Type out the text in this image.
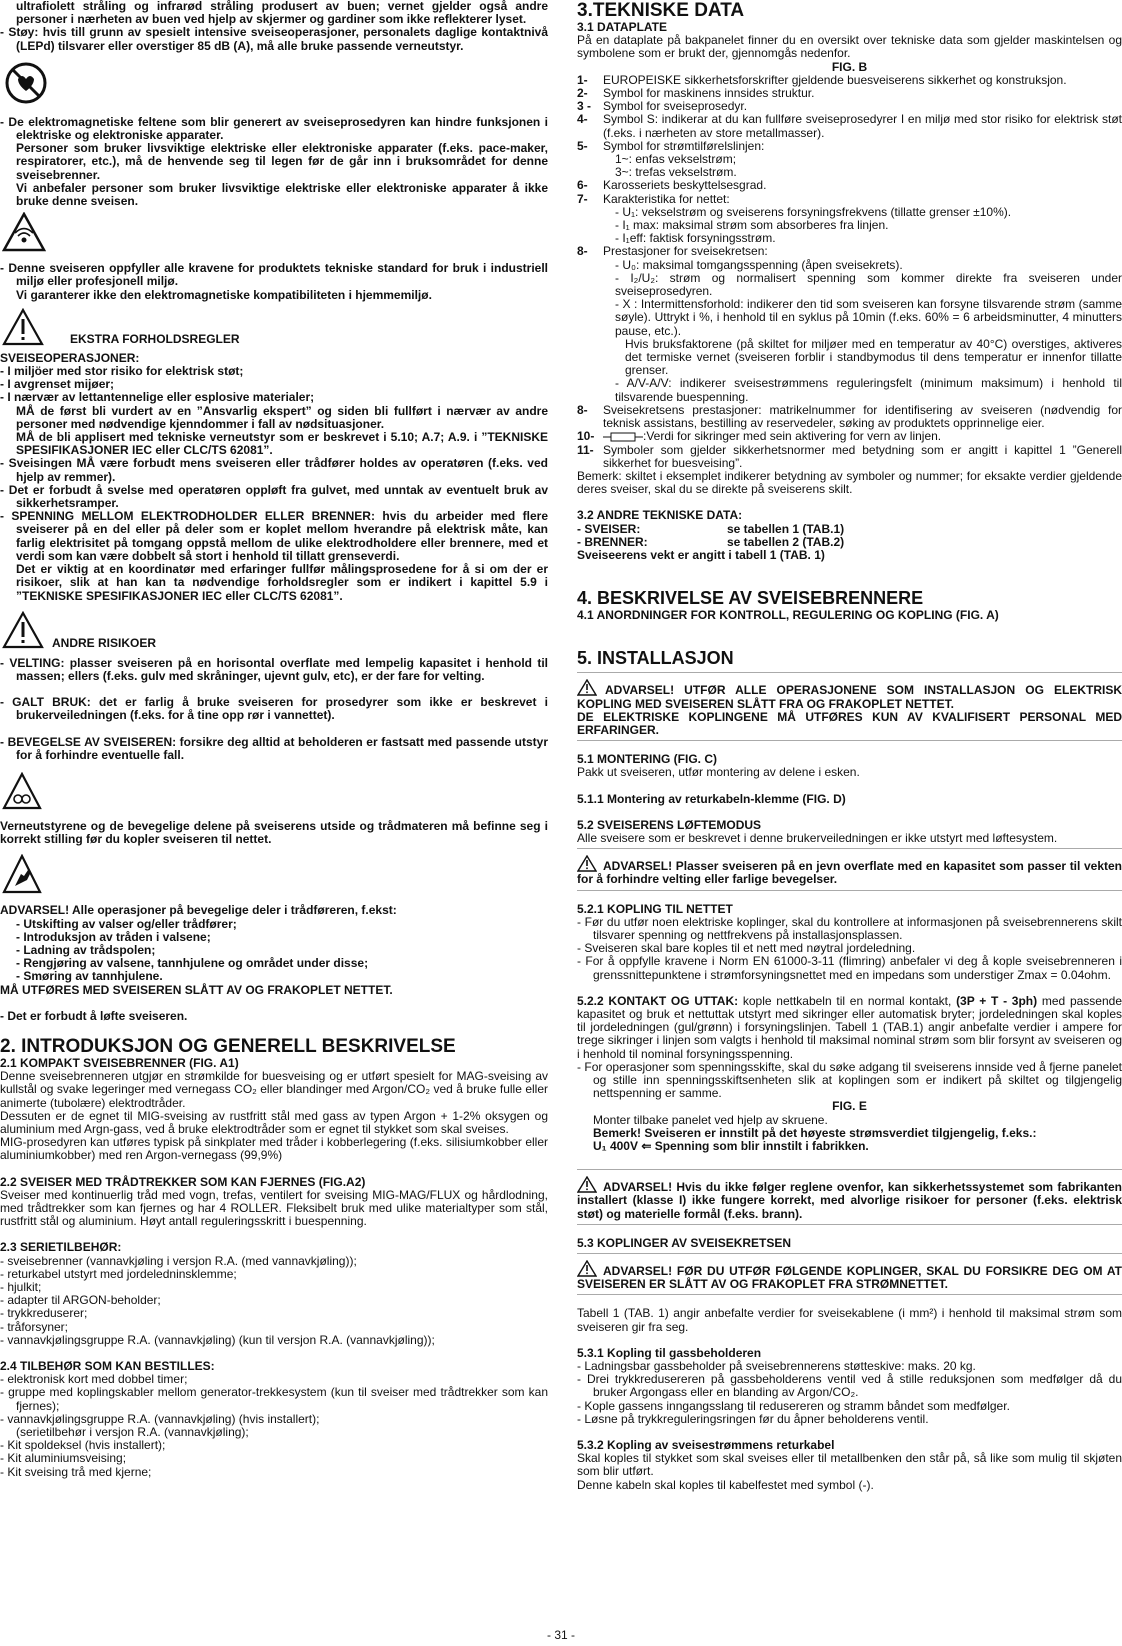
ultrafiolett stråling og infrarød stråling produsert av buen; vernet gjelder også andre personer i nærheten av buen ved hjelp av skjermer og gardiner som ikke reflekterer lyset.

- Støy: hvis till grunn av spesielt intensive sveiseoperasjoner, personalets daglige kontaktnivå (LEPd) tilsvarer eller overstiger 85 dB (A), må alle bruke passende verneutstyr.

- De elektromagnetiske feltene som blir generert av sveiseprosedyren kan hindre funksjonen i elektriske og elektroniske apparater.

Personer som bruker livsviktige elektriske eller elektroniske apparater (f.eks. pace-maker, respiratorer, etc.), må de henvende seg til legen før de går inn i bruksområdet for denne sveisebrenner.

Vi anbefaler personer som bruker livsviktige elektriske eller elektroniske apparater å ikke bruke denne sveisen.

- Denne sveiseren oppfyller alle kravene for produktets tekniske standard for bruk i industriell miljø eller profesjonell miljø.

Vi garanterer ikke den elektromagnetiske kompatibiliteten i hjemmemiljø.

EKSTRA FORHOLDSREGLER

SVEISEOPERASJONER:

- I miljöer med stor risiko for elektrisk støt;

- I avgrenset mijøer;

- I nærvær av lettantennelige eller esplosive materialer;

MÅ de først bli vurdert av en ”Ansvarlig ekspert” og siden bli fullført i nærvær av andre personer med nødvendige kjenndommer i fall av nødsituasjoner.

MÅ de bli applisert med tekniske verneutstyr som er beskrevet i 5.10; A.7; A.9. i ”TEKNISKE SPESIFIKASJONER IEC eller CLC/TS 62081”.

- Sveisingen MÅ være forbudt mens sveiseren eller trådfører holdes av operatøren (f.eks. ved hjelp av remmer).

- Det er forbudt å svelse med operatøren oppløft fra gulvet, med unntak av eventuelt bruk av sikkerhetsramper.

- SPENNING MELLOM ELEKTRODHOLDER ELLER BRENNER: hvis du arbeider med flere sveiserer på en del eller på deler som er koplet mellom hverandre på elektrisk måte, kan farlig elektrisitet på tomgang oppstå mellom de ulike elektrodholdere eller brennere, med et verdi som kan være dobbelt så stort i henhold til tillatt grenseverdi.

Det er viktig at en koordinatør med erfaringer fullfør målingsprosedene for å si om der er risikoer, slik at han kan ta nødvendige forholdsregler som er indikert i kapittel 5.9 i ”TEKNISKE SPESIFIKASJONER IEC eller CLC/TS 62081”.

ANDRE RISIKOER

- VELTING: plasser sveiseren på en horisontal overflate med lempelig kapasitet i henhold til massen; ellers (f.eks. gulv med skråninger, ujevnt gulv, etc), er der fare for velting.

- GALT BRUK: det er farlig å bruke sveiseren for prosedyrer som ikke er beskrevet i brukerveiledningen (f.eks. for å tine opp rør i vannettet).

- BEVEGELSE AV SVEISEREN: forsikre deg alltid at beholderen er fastsatt med passende utstyr for å forhindre eventuelle fall.

Verneutstyrene og de bevegelige delene på sveiserens utside og trådmateren må befinne seg i korrekt stilling før du kopler sveiseren til nettet.

ADVARSEL! Alle operasjoner på bevegelige deler i trådføreren, f.ekst:

- Utskifting av valser og/eller trådfører;

- Introduksjon av tråden i valsene;

- Ladning av trådspolen;

- Rengjøring av valsene, tannhjulene og området under disse;

- Smøring av tannhjulene.

MÅ UTFØRES MED SVEISEREN SLÅTT AV OG FRAKOPLET NETTET.

- Det er forbudt å løfte sveiseren.

2. INTRODUKSJON OG GENERELL BESKRIVELSE

2.1 KOMPAKT SVEISEBRENNER (FIG. A1)

Denne sveisebrenneren utgjør en strømkilde for buesveising og er utført spesielt for MAG-sveising av kullstål og svake legeringer med vernegass CO₂ eller blandinger med Argon/CO₂ ved å bruke fulle eller animerte (tubolære) elektrodtråder.

Dessuten er de egnet til MIG-sveising av rustfritt stål med gass av typen Argon + 1-2% oksygen og aluminium med Argn-gass, ved å bruke elektrodtråder som er egnet til stykket som skal sveises.

MIG-prosedyren kan utføres typisk på sinkplater med tråder i kobberlegering (f.eks. silisiumkobber eller aluminiumkobber) med ren Argon-vernegass (99,9%)

2.2 SVEISER MED TRÅDTREKKER SOM KAN FJERNES (FIG.A2)

Sveiser med kontinuerlig tråd med vogn, trefas, ventilert for sveising MIG-MAG/FLUX og hårdlodning, med trådtrekker som kan fjernes og har 4 ROLLER. Fleksibelt bruk med ulike materialtyper som stål, rustfritt stål og aluminium. Høyt antall reguleringsskritt i buespenning.

2.3 SERIETILBEHØR:

- sveisebrenner (vannavkjøling i versjon R.A. (med vannavkjøling));

- returkabel utstyrt med jordeledninsklemme;

- hjulkit;

- adapter til ARGON-beholder;

- trykkreduserer;

- tråforsyner;

- vannavkjølingsgruppe R.A. (vannavkjøling) (kun til versjon R.A. (vannavkjøling));

2.4 TILBEHØR SOM KAN BESTILLES:

- elektronisk kort med dobbel timer;

- gruppe med koplingskabler mellom generator-trekkesystem (kun til sveiser med trådtrekker som kan fjernes);

- vannavkjølingsgruppe R.A. (vannavkjøling) (hvis installert);

(serietilbehør i versjon R.A. (vannavkjøling);

- Kit spoldeksel (hvis installert);

- Kit aluminiumsveising;

- Kit sveising trå med kjerne;

3.TEKNISKE DATA

3.1 DATAPLATE

På en dataplate på bakpanelet finner du en oversikt over tekniske data som gjelder maskintelsen og symbolene som er brukt der, gjennomgås nedenfor.

FIG. B

1- EUROPEISKE sikkerhetsforskrifter gjeldende buesveiserens sikkerhet og konstruksjon.
2- Symbol for maskinens innsides struktur.
3 - Symbol for sveiseprosedyr.
4- Symbol S: indikerar at du kan fullføre sveiseprosedyrer I en miljø med stor risiko for elektrisk støt (f.eks. i nærheten av store metallmasser).
5- Symbol for strømtilførelslinjen:

1~: enfas vekselstrøm;

3~: trefas vekselstrøm.

6- Karosseriets beskyttelsesgrad.
7- Karakteristika for nettet:

- U₁: vekselstrøm og sveiserens forsyningsfrekvens (tillatte grenser ±10%).

- I₁ max: maksimal strøm som absorberes fra linjen.

- I₁eff: faktisk forsyningsstrøm.

8- Prestasjoner for sveisekretsen:

- U₀: maksimal tomgangsspenning (åpen sveisekrets).

- I₂/U₂: strøm og normalisert spenning som kommer direkte fra sveiseren under sveiseprosedyren.

- X : Intermittensforhold: indikerer den tid som sveiseren kan forsyne tilsvarende strøm (samme søyle). Uttrykt i %, i henhold til en syklus på 10min (f.eks. 60% = 6 arbeidsminutter, 4 minutters pause, etc.).

Hvis bruksfaktorene (på skiltet for miljøer med en temperatur av 40°C) overstiges, aktiveres det termiske vernet (sveiseren forblir i standbymodus til dens temperatur er innenfor tillatte grenser.

- A/V-A/V: indikerer sveisestrømmens reguleringsfelt (minimum maksimum) i henhold til tilsvarende buespenning.

8- Sveisekretsens prestasjoner: matrikelnummer for identifisering av sveiseren (nødvendig for teknisk assistans, bestilling av reservedeler, søking av produktets opprinnelige eier.
10-	:Verdi for sikringer med sein aktivering for vern av linjen.
11- Symboler som gjelder sikkerhetsnormer med betydning som er angitt i kapittel 1 ”Generell sikkerhet for buesveising”.

Bemerk: skiltet i eksemplet indikerer betydning av symboler og nummer; for eksakte verdier gjeldende deres sveiser, skal du se direkte på sveiserens skilt.

3.2 ANDRE TEKNISKE DATA:

- SVEISER:	se tabellen 1 (TAB.1)
- BRENNER:	se tabellen 2 (TAB.2)

Sveiseerens vekt er angitt i tabell 1 (TAB. 1)

4. BESKRIVELSE AV SVEISEBRENNERE

4.1 ANORDNINGER FOR KONTROLL, REGULERING OG KOPLING (FIG. A)

5. INSTALLASJON

ADVARSEL! UTFØR ALLE OPERASJONENE SOM INSTALLASJON OG ELEKTRISK KOPLING MED SVEISEREN SLÅTT FRA OG FRAKOPLET NETTET.

DE ELEKTRISKE KOPLINGENE MÅ UTFØRES KUN AV KVALIFISERT PERSONAL MED ERFARINGER.

5.1 MONTERING (FIG. C)

Pakk ut sveiseren, utfør montering av delene i esken.

5.1.1 Montering av returkabeln-klemme (FIG. D)

5.2 SVEISERENS LØFTEMODUS

Alle sveisere som er beskrevet i denne brukerveiledningen er ikke utstyrt med løftesystem.

ADVARSEL! Plasser sveiseren på en jevn overflate med en kapasitet som passer til vekten for å forhindre velting eller farlige bevegelser.

5.2.1 KOPLING TIL NETTET

- Før du utfør noen elektriske koplinger, skal du kontrollere at informasjonen på sveisebrennerens skilt tilsvarer spenning og nettfrekvens på installasjonsplassen.

- Sveiseren skal bare koples til et nett med nøytral jordeledning.

- For å oppfylle kravene i Norm EN 61000-3-11 (flimring) anbefaler vi deg å kople sveisebrenneren i grenssnittepunktene i strømforsyningsnettet med en impedans som understiger Zmax = 0.04ohm.

5.2.2 KONTAKT OG UTTAK: kople nettkabeln til en normal kontakt, (3P + T - 3ph) med passende kapasitet og bruk et nettuttak utstyrt med sikringer eller automatisk bryter; jordeledningen skal koples til jordeledningen (gul/grønn) i forsyningslinjen. Tabell 1 (TAB.1) angir anbefalte verdier i ampere for trege sikringer i linjen som valgts i henhold til maksimal nominal strøm som blir forsynt av sveiseren og i henhold til nominal forsyningsspenning.

- For operasjoner som spenningsskifte, skal du søke adgang til sveiserens innside ved å fjerne panelet og stille inn spenningsskiftsenheten slik at koplingen som er indikert på skiltet og tilgjengelig nettspenning er samme.

FIG. E

Monter tilbake panelet ved hjelp av skruene.

Bemerk! Sveiseren er innstilt på det høyeste strømsverdiet tilgjengelig, f.eks.:

U₁ 400V ⇐ Spenning som blir innstilt i fabrikken.

ADVARSEL! Hvis du ikke følger reglene ovenfor, kan sikkerhetssystemet som fabrikanten installert (klasse I) ikke fungere korrekt, med alvorlige risikoer for personer (f.eks. elektrisk støt) og materielle formål (f.eks. brann).

5.3 KOPLINGER AV SVEISEKRETSEN

ADVARSEL! FØR DU UTFØR FØLGENDE KOPLINGER, SKAL DU FORSIKRE DEG OM AT SVEISEREN ER SLÅTT AV OG FRAKOPLET FRA STRØMNETTET.

Tabell 1 (TAB. 1) angir anbefalte verdier for sveisekablene (i mm²) i henhold til maksimal strøm som sveiseren gir fra seg.

5.3.1 Kopling til gassbeholderen

- Ladningsbar gassbeholder på sveisebrennerens støtteskive: maks. 20 kg.

- Drei trykkredusereren på gassbeholderens ventil ved å stille reduksjonen som medfølger då du bruker Argongass eller en blanding av Argon/CO₂.

- Kople gassens inngangsslang til redusereren og stramm båndet som medfølger.

- Løsne på trykkreguleringsringen før du åpner beholderens ventil.

5.3.2 Kopling av sveisestrømmens returkabel

Skal koples til stykket som skal sveises eller til metallbenken den står på, så like som mulig til skjøten som blir utført.

Denne kabeln skal koples til kabelfestet med symbol (-).

- 31 -
